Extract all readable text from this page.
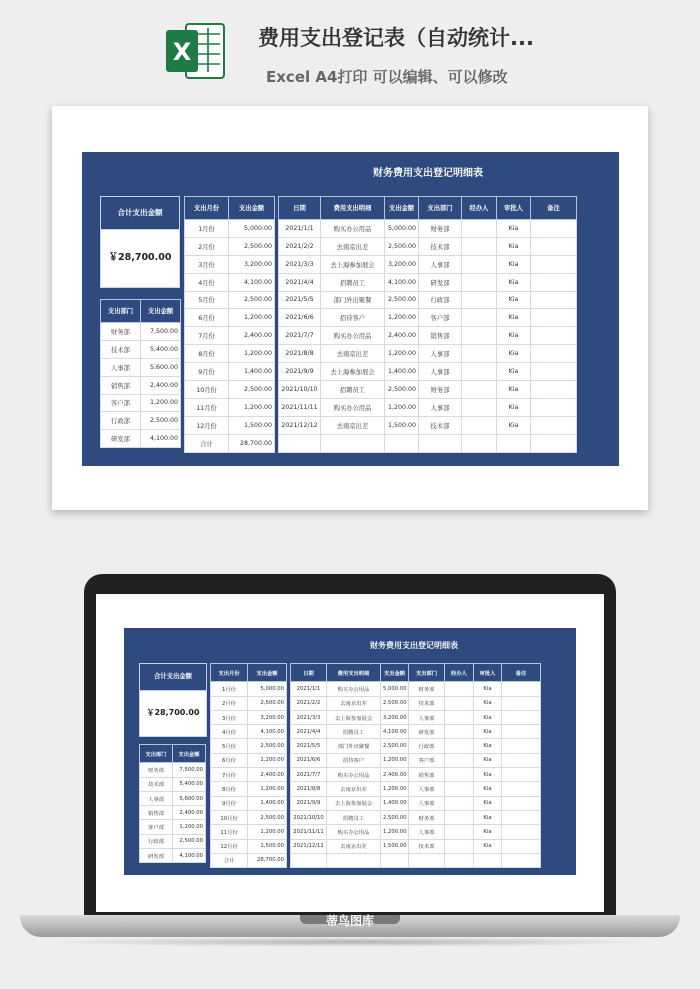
X	费用支出登记表（自动统计...
Excel A4打印 可以编辑、可以修改
财务费用支出登记明细表
合计支出金额
￥28,700.00
支出部门	支出金额
财务部	7,500.00
技术部	5,400.00
人事部	5,600.00
销售部	2,400.00
客户部	1,200.00
行政部	2,500.00
研发部	4,100.00
支出月份	支出金额
1月份	5,000.00
2月份	2,500.00
3月份	3,200.00
4月份	4,100.00
5月份	2,500.00
6月份	1,200.00
7月份	2,400.00
8月份	1,200.00
9月份	1,400.00
10月份	2,500.00
11月份	1,200.00
12月份	1,500.00
合计	28,700.00
日期	费用支出明细	支出金额	支出部门	经办人	审批人	备注
2021/1/1	购买办公用品	5,000.00	财务部		Kia	
2021/2/2	去南京出差	2,500.00	技术部		Kia	
2021/3/3	去上海参加展会	3,200.00	人事部		Kia	
2021/4/4	招聘员工	4,100.00	研发部		Kia	
2021/5/5	部门外出聚餐	2,500.00	行政部		Kia	
2021/6/6	招待客户	1,200.00	客户部		Kia	
2021/7/7	购买办公用品	2,400.00	销售部		Kia	
2021/8/8	去南京出差	1,200.00	人事部		Kia	
2021/9/9	去上海参加展会	1,400.00	人事部		Kia	
2021/10/10	招聘员工	2,500.00	财务部		Kia	
2021/11/11	购买办公用品	1,200.00	人事部		Kia	
2021/12/12	去南京出差	1,500.00	技术部		Kia	

财务费用支出登记明细表
合计支出金额
￥28,700.00
支出部门	支出金额
财务部	7,500.00
技术部	5,400.00
人事部	5,600.00
销售部	2,400.00
客户部	1,200.00
行政部	2,500.00
研发部	4,100.00
支出月份	支出金额
1月份	5,000.00
2月份	2,500.00
3月份	3,200.00
4月份	4,100.00
5月份	2,500.00
6月份	1,200.00
7月份	2,400.00
8月份	1,200.00
9月份	1,400.00
10月份	2,500.00
11月份	1,200.00
12月份	1,500.00
合计	28,700.00
日期	费用支出明细	支出金额	支出部门	经办人	审批人	备注
2021/1/1	购买办公用品	5,000.00	财务部		Kia	
2021/2/2	去南京出差	2,500.00	技术部		Kia	
2021/3/3	去上海参加展会	3,200.00	人事部		Kia	
2021/4/4	招聘员工	4,100.00	研发部		Kia	
2021/5/5	部门外出聚餐	2,500.00	行政部		Kia	
2021/6/6	招待客户	1,200.00	客户部		Kia	
2021/7/7	购买办公用品	2,400.00	销售部		Kia	
2021/8/8	去南京出差	1,200.00	人事部		Kia	
2021/9/9	去上海参加展会	1,400.00	人事部		Kia	
2021/10/10	招聘员工	2,500.00	财务部		Kia	
2021/11/11	购买办公用品	1,200.00	人事部		Kia	
2021/12/12	去南京出差	1,500.00	技术部		Kia	

蒂鸟图库
